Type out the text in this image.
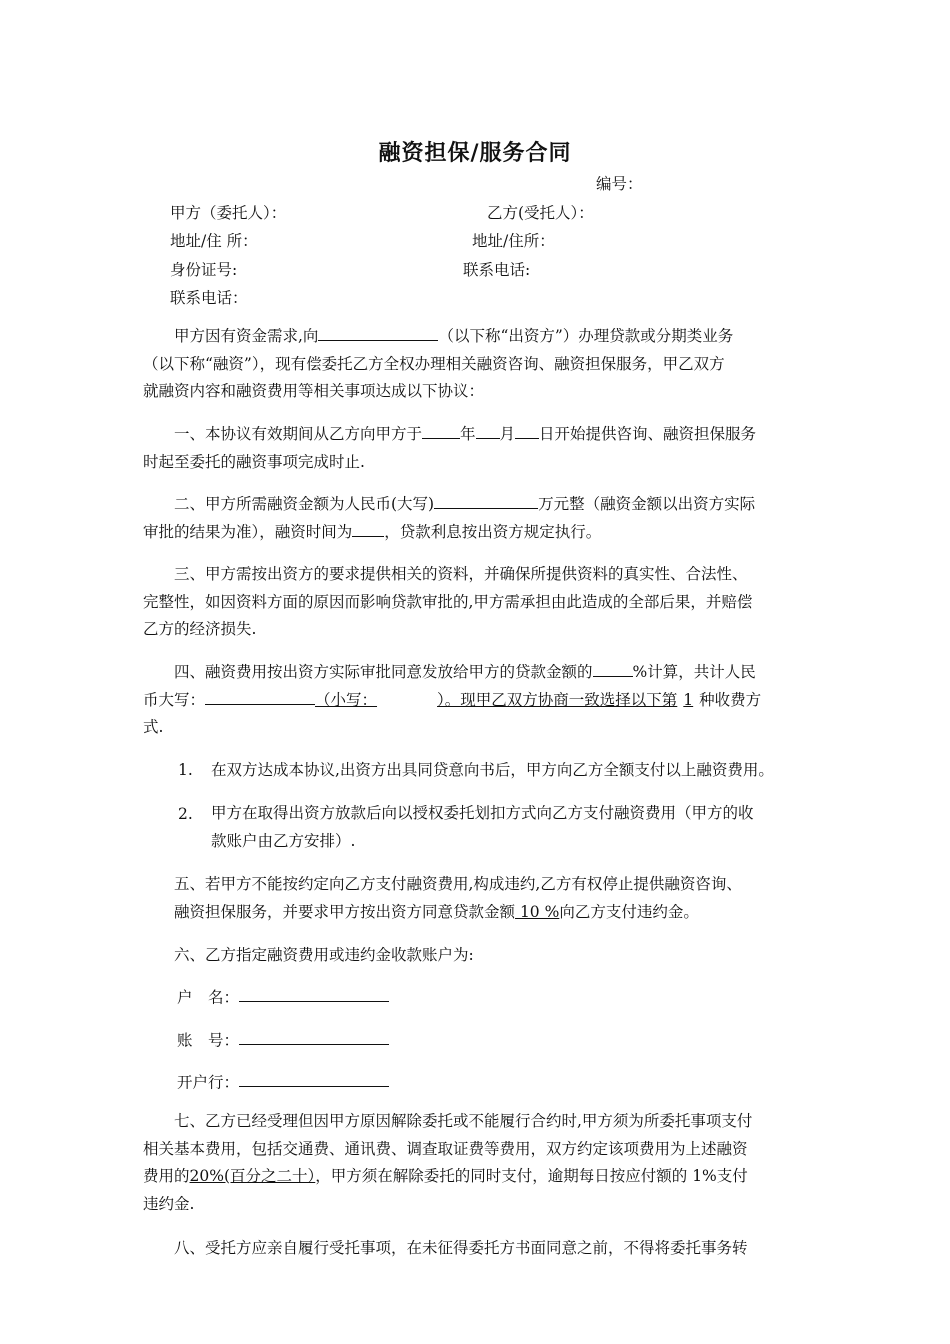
融资担保/服务合同
编号：
甲方（委托人）：	乙方(受托人）：
地址/住 所：	地址/住所：
身份证号:	联系电话:
联系电话：
甲方因有资金需求,向	（以下称“出资方”）办理贷款或分期类业务
（以下称“融资”），现有偿委托乙方全权办理相关融资咨询、融资担保服务，甲乙双方
就融资内容和融资费用等相关事项达成以下协议：
一、本协议有效期间从乙方向甲方于 年 月 日开始提供咨询、融资担保服务
时起至委托的融资事项完成时止.
二、甲方所需融资金额为人民币(大写)	万元整（融资金额以出资方实际
审批的结果为准），融资时间为 ，贷款利息按出资方规定执行。
三、甲方需按出资方的要求提供相关的资料，并确保所提供资料的真实性、合法性、
完整性，如因资料方面的原因而影响贷款审批的,甲方需承担由此造成的全部后果，并赔偿
乙方的经济损失.
四、融资费用按出资方实际审批同意发放给甲方的贷款金额的	%计算，共计人民
币大写：	（小写：	）。现甲乙双方协商一致选择以下第 1 种收费方
式.
1. 在双方达成本协议,出资方出具同贷意向书后，甲方向乙方全额支付以上融资费用。
2. 甲方在取得出资方放款后向以授权委托划扣方式向乙方支付融资费用（甲方的收
款账户由乙方安排）.
五、若甲方不能按约定向乙方支付融资费用,构成违约,乙方有权停止提供融资咨询、
融资担保服务，并要求甲方按出资方同意贷款金额 10 %向乙方支付违约金。
六、乙方指定融资费用或违约金收款账户为:
户　名：
账　号：
开户行：
七、乙方已经受理但因甲方原因解除委托或不能履行合约时,甲方须为所委托事项支付
相关基本费用，包括交通费、通讯费、调查取证费等费用，双方约定该项费用为上述融资
费用的20%(百分之二十），甲方须在解除委托的同时支付，逾期每日按应付额的 1%支付
违约金.
八、受托方应亲自履行受托事项，在未征得委托方书面同意之前，不得将委托事务转
